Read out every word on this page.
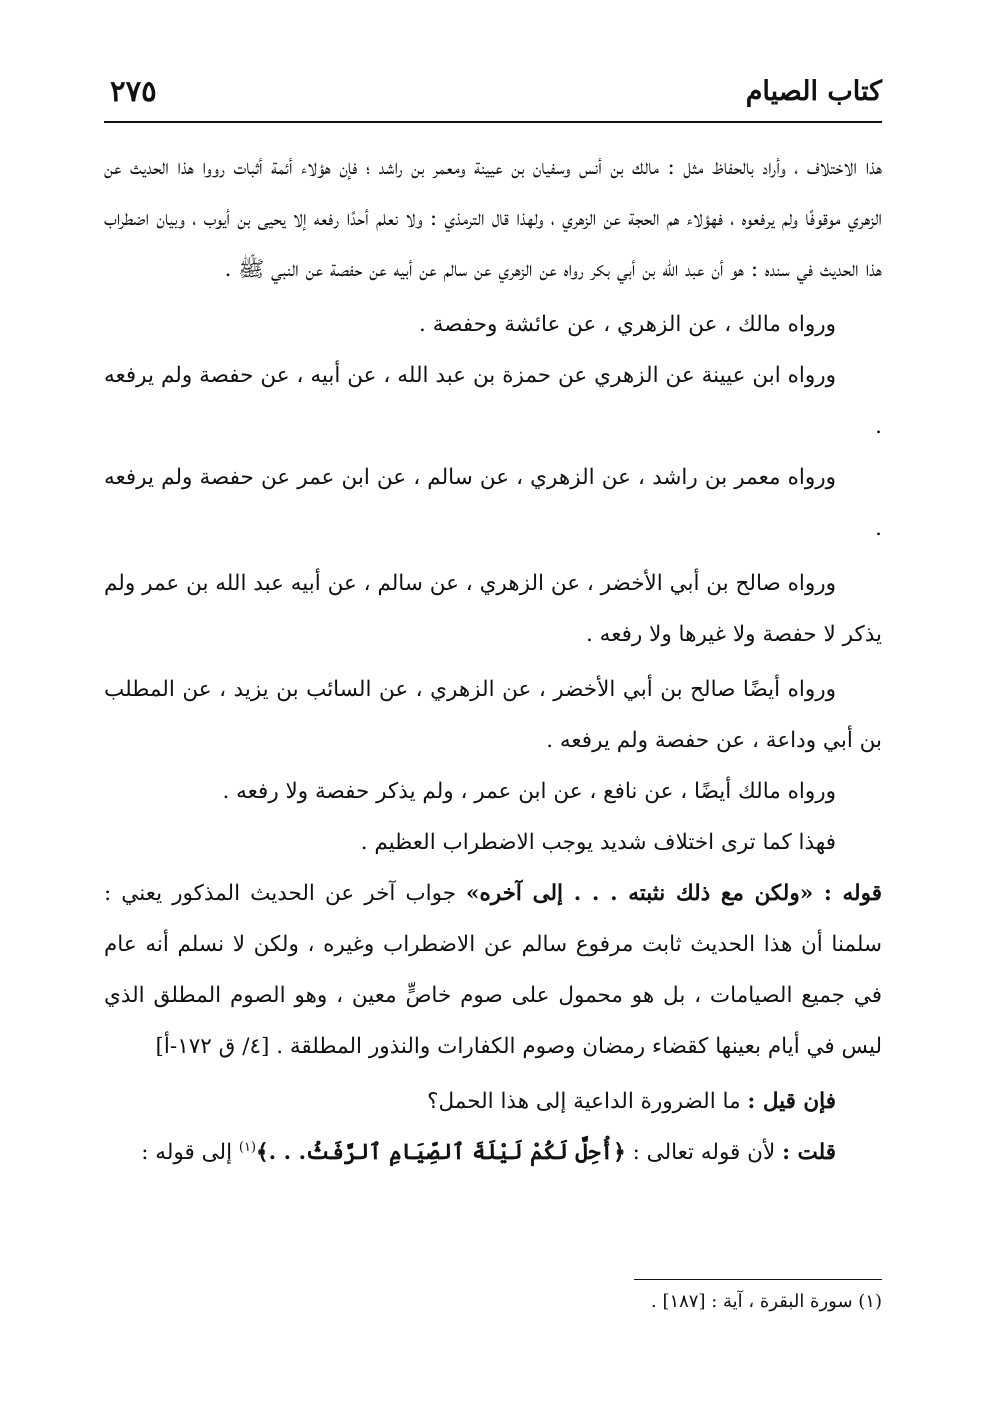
كتاب الصيام
٢٧٥

هذا الاختلاف ، وأراد بالحفاظ مثل : مالك بن أنس وسفيان بن عيينة ومعمر بن راشد ؛ فإن هؤلاء أئمة أثبات رووا هذا الحديث عن الزهري موقوفًا ولم يرفعوه ، فهؤلاء هم الحجة عن الزهري ، ولهذا قال الترمذي : ولا نعلم أحدًا رفعه إلا يحيى بن أيوب ، وبيان اضطراب هذا الحديث في سنده : هو أن عبد الله بن أبي بكر رواه عن الزهري عن سالم عن أبيه عن حفصة عن النبي ﷺ .

ورواه مالك ، عن الزهري ، عن عائشة وحفصة .

ورواه ابن عيينة عن الزهري عن حمزة بن عبد الله ، عن أبيه ، عن حفصة ولم يرفعه .

ورواه معمر بن راشد ، عن الزهري ، عن سالم ، عن ابن عمر عن حفصة ولم يرفعه .

ورواه صالح بن أبي الأخضر ، عن الزهري ، عن سالم ، عن أبيه عبد الله بن عمر ولم يذكر لا حفصة ولا غيرها ولا رفعه .

ورواه أيضًا صالح بن أبي الأخضر ، عن الزهري ، عن السائب بن يزيد ، عن المطلب بن أبي وداعة ، عن حفصة ولم يرفعه .

ورواه مالك أيضًا ، عن نافع ، عن ابن عمر ، ولم يذكر حفصة ولا رفعه .

فهذا كما ترى اختلاف شديد يوجب الاضطراب العظيم .

قوله : «ولكن مع ذلك نثبته . . . إلى آخره» جواب آخر عن الحديث المذكور يعني : سلمنا أن هذا الحديث ثابت مرفوع سالم عن الاضطراب وغيره ، ولكن لا نسلم أنه عام في جميع الصيامات ، بل هو محمول على صوم خاصٍّ معين ، وهو الصوم المطلق الذي ليس في أيام بعينها كقضاء رمضان وصوم الكفارات والنذور المطلقة . [٤/ ق ١٧٢-أ]

فإن قيل : ما الضرورة الداعية إلى هذا الحمل؟

قلت : لأن قوله تعالى : ﴿أُحِلَّ لَكُمْ لَيْلَةَ ٱلصِّيَامِ ٱلرَّفَثُ. . .﴾$^{(١)}$ إلى قوله :

(١) سورة البقرة ، آية : [١٨٧] .
